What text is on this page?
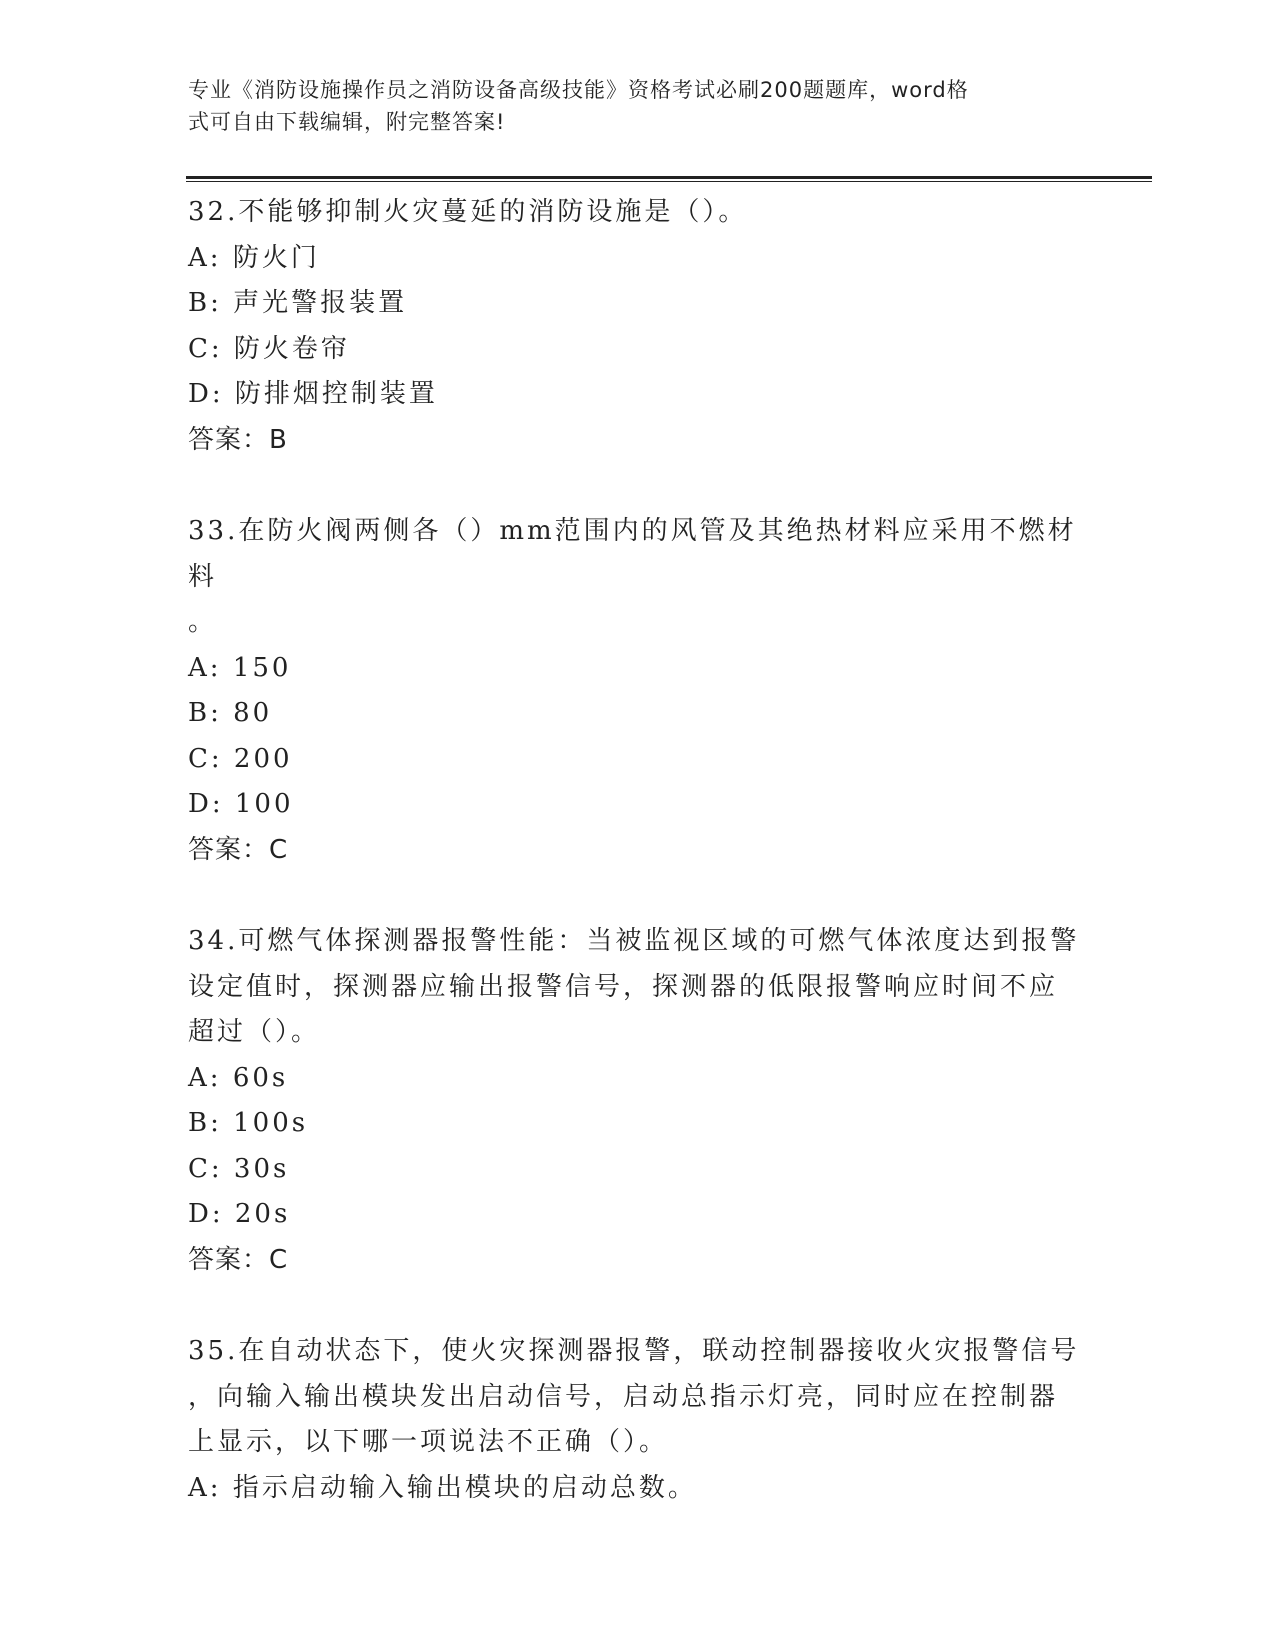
专业《消防设施操作员之消防设备高级技能》资格考试必刷200题题库，word格
式可自由下载编辑，附完整答案!
32.不能够抑制火灾蔓延的消防设施是（）。
A: 防火门
B: 声光警报装置
C: 防火卷帘
D: 防排烟控制装置
答案：B
33.在防火阀两侧各（）mm范围内的风管及其绝热材料应采用不燃材料
。
A: 150
B: 80
C: 200
D: 100
答案：C
34.可燃气体探测器报警性能：当被监视区域的可燃气体浓度达到报警
设定值时，探测器应输出报警信号，探测器的低限报警响应时间不应
超过（）。
A: 60s
B: 100s
C: 30s
D: 20s
答案：C
35.在自动状态下，使火灾探测器报警，联动控制器接收火灾报警信号
，向输入输出模块发出启动信号，启动总指示灯亮，同时应在控制器
上显示，以下哪一项说法不正确（）。
A: 指示启动输入输出模块的启动总数。
